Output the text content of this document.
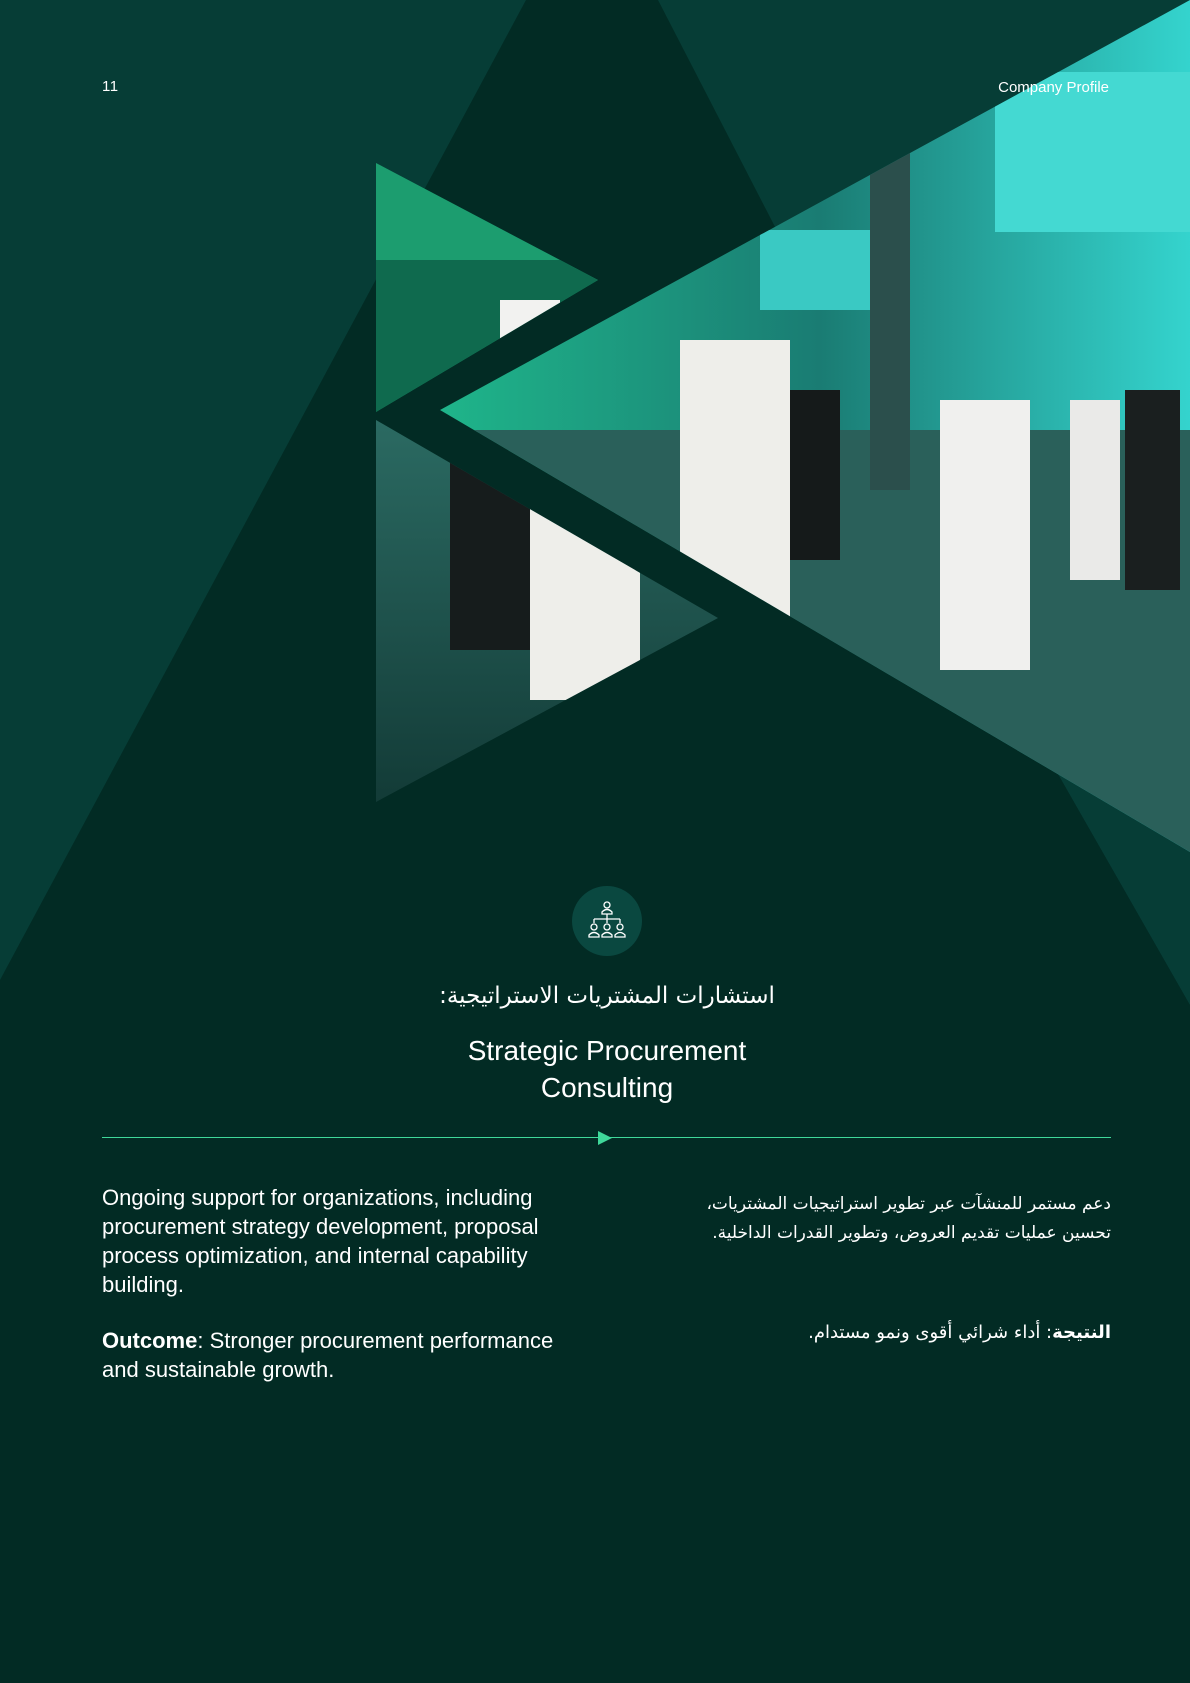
11	Company Profile
استشارات المشتريات الاستراتيجية:
Strategic Procurement Consulting
Ongoing support for organizations, including procurement strategy development, proposal process optimization, and internal capability building.
Outcome: Stronger procurement performance and sustainable growth.
دعم مستمر للمنشآت عبر تطوير استراتيجيات المشتريات، تحسين عمليات تقديم العروض، وتطوير القدرات الداخلية.
النتيجة: أداء شرائي أقوى ونمو مستدام.
